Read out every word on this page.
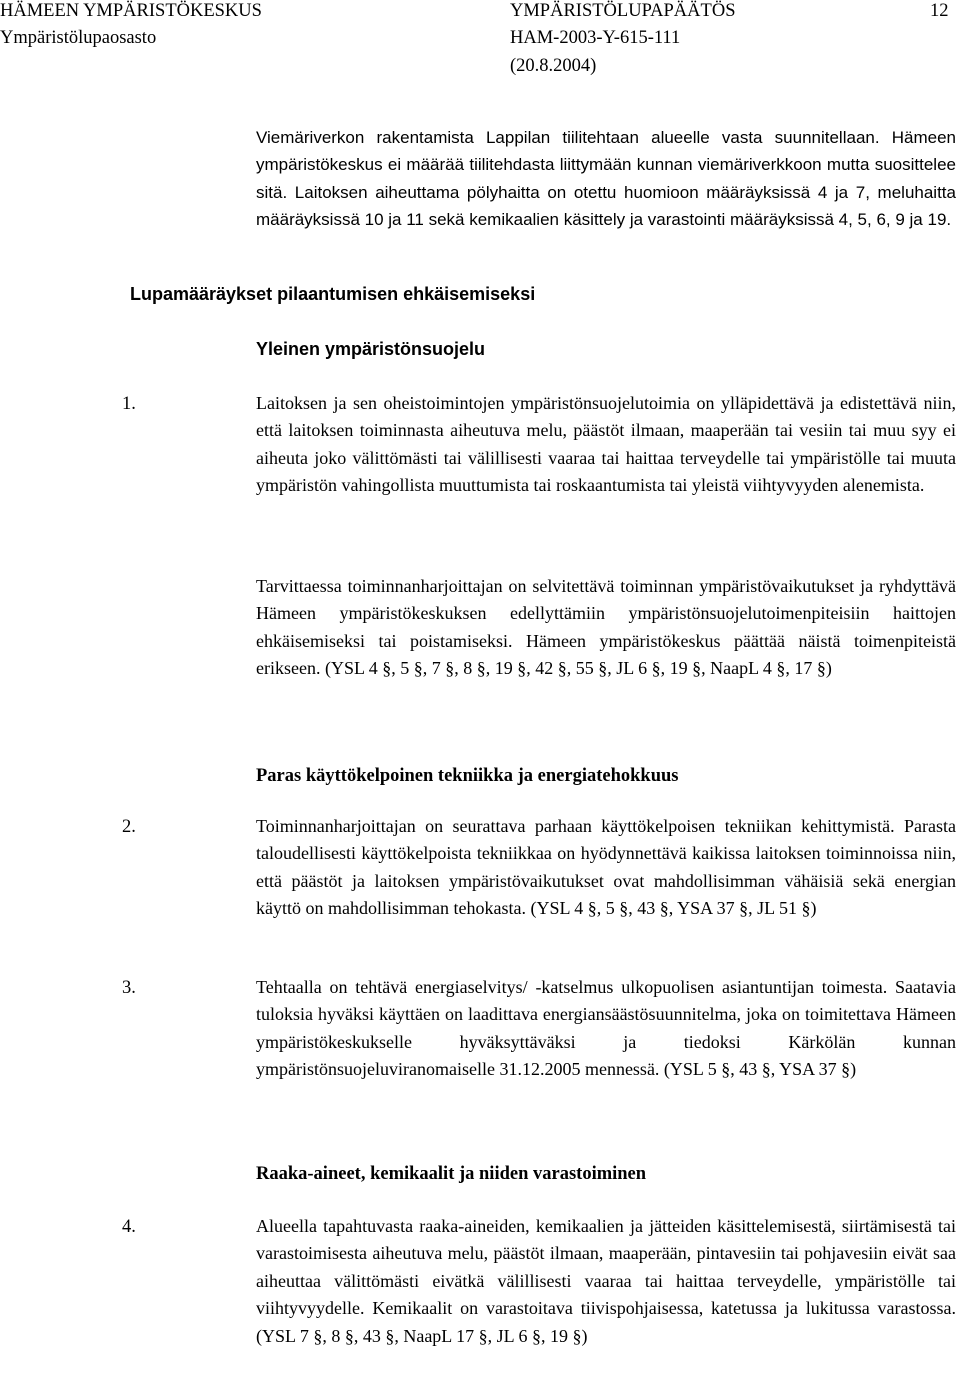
HÄMEEN YMPÄRISTÖKESKUS
Ympäristölupaosasto
YMPÄRISTÖLUPAPÄÄTÖS
HAM-2003-Y-615-111
(20.8.2004)
12
Viemäriverkon rakentamista Lappilan tiilitehtaan alueelle vasta suunnitellaan. Hämeen ympäristökeskus ei määrää tiilitehdasta liittymään kunnan viemäriverkkoon mutta suosittelee sitä. Laitoksen aiheuttama pölyhaitta on otettu huomioon määräyksissä 4 ja 7, meluhaitta määräyksissä 10 ja 11 sekä kemikaalien käsittely ja varastointi määräyksissä 4, 5, 6, 9 ja 19.
Lupamääräykset pilaantumisen ehkäisemiseksi
Yleinen ympäristönsuojelu
1.	Laitoksen ja sen oheistoimintojen ympäristönsuojelutoimia on ylläpidettävä ja edistettävä niin, että laitoksen toiminnasta aiheutuva melu, päästöt ilmaan, maaperään tai vesiin tai muu syy ei aiheuta joko välittömästi tai välillisesti vaaraa tai haittaa terveydelle tai ympäristölle tai muuta ympäristön vahingollista muuttumista tai roskaantumista tai yleistä viihtyvyyden alenemista.
Tarvittaessa toiminnanharjoittajan on selvitettävä toiminnan ympäristövaikutukset ja ryhdyttävä Hämeen ympäristökeskuksen edellyttämiin ympäristönsuojelutoimenpiteisiin haittojen ehkäisemiseksi tai poistamiseksi. Hämeen ympäristökeskus päättää näistä toimenpiteistä erikseen. (YSL 4 §, 5 §, 7 §, 8 §, 19 §, 42 §, 55 §, JL 6 §, 19 §, NaapL 4 §, 17 §)
Paras käyttökelpoinen tekniikka ja energiatehokkuus
2.	Toiminnanharjoittajan on seurattava parhaan käyttökelpoisen tekniikan kehittymistä. Parasta taloudellisesti käyttökelpoista tekniikkaa on hyödynnettävä kaikissa laitoksen toiminnoissa niin, että päästöt ja laitoksen ympäristövaikutukset ovat mahdollisimman vähäisiä sekä energian käyttö on mahdollisimman tehokasta. (YSL 4 §, 5 §, 43 §, YSA 37 §, JL 51 §)
3.	Tehtaalla on tehtävä energiaselvitys/ -katselmus ulkopuolisen asiantuntijan toimesta. Saatavia tuloksia hyväksi käyttäen on laadittava energiansäästösuunnitelma, joka on toimitettava Hämeen ympäristökeskukselle hyväksyttäväksi ja tiedoksi Kärkölän kunnan ympäristönsuojeluviranomaiselle 31.12.2005 mennessä. (YSL 5 §, 43 §, YSA 37 §)
Raaka-aineet, kemikaalit ja niiden varastoiminen
4.	Alueella tapahtuvasta raaka-aineiden, kemikaalien ja jätteiden käsittelemisestä, siirtämisestä tai varastoimisesta aiheutuva melu, päästöt ilmaan, maaperään, pintavesiin tai pohjavesiin eivät saa aiheuttaa välittömästi eivätkä välillisesti vaaraa tai haittaa terveydelle, ympäristölle tai viihtyvyydelle. Kemikaalit on varastoitava tiivispohjaisessa, katetussa ja lukitussa varastossa. (YSL 7 §, 8 §, 43 §, NaapL 17 §, JL 6 §, 19 §)
